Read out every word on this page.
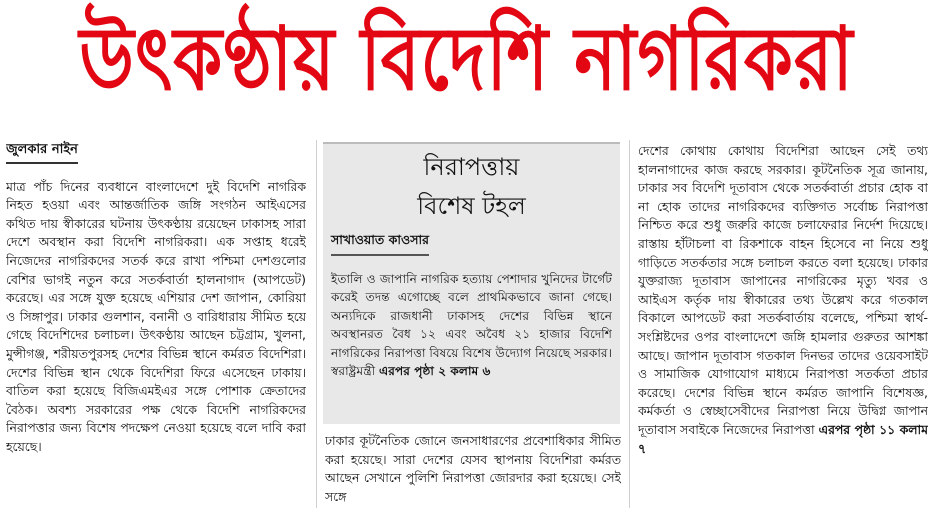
উৎকণ্ঠায় বিদেশি নাগরিকরা
জুলকার নাইন
মাত্র পাঁচ দিনের ব্যবধানে বাংলাদেশে দুই বিদেশি নাগরিক নিহত হওয়া এবং আন্তর্জাতিক জঙ্গি সংগঠন আইএসের কথিত দায় স্বীকারের ঘটনায় উৎকণ্ঠায় রয়েছেন ঢাকাসহ সারা দেশে অবস্থান করা বিদেশি নাগরিকরা। এক সপ্তাহ ধরেই নিজেদের নাগরিকদের সতর্ক করে রাখা পশ্চিমা দেশগুলোর বেশির ভাগই নতুন করে সতর্কবার্তা হালনাগাদ (আপডেট) করেছে। এর সঙ্গে যুক্ত হয়েছে এশিয়ার দেশ জাপান, কোরিয়া ও সিঙ্গাপুর। ঢাকার গুলশান, বনানী ও বারিধারায় সীমিত হয়ে গেছে বিদেশিদের চলাচল। উৎকণ্ঠায় আছেন চট্টগ্রাম, খুলনা, মুন্সীগঞ্জ, শরীয়তপুরসহ দেশের বিভিন্ন স্থানে কর্মরত বিদেশিরা। দেশের বিভিন্ন স্থান থেকে বিদেশিরা ফিরে এসেছেন ঢাকায়। বাতিল করা হয়েছে বিজিএমইএর সঙ্গে পোশাক ক্রেতাদের বৈঠক। অবশ্য সরকারের পক্ষ থেকে বিদেশি নাগরিকদের নিরাপত্তার জন্য বিশেষ পদক্ষেপ নেওয়া হয়েছে বলে দাবি করা হয়েছে।
নিরাপত্তায়
বিশেষ টহল
সাখাওয়াত কাওসার
ইতালি ও জাপানি নাগরিক হত্যায় পেশাদার খুনিদের টার্গেট করেই তদন্ত এগোচ্ছে বলে প্রাথমিকভাবে জানা গেছে। অন্যদিকে রাজধানী ঢাকাসহ দেশের বিভিন্ন স্থানে অবস্থানরত বৈধ ১২ এবং অবৈধ ২১ হাজার বিদেশি নাগরিকের নিরাপত্তা বিষয়ে বিশেষ উদ্যোগ নিয়েছে সরকার। স্বরাষ্ট্রমন্ত্রী এরপর পৃষ্ঠা ২ কলাম ৬
ঢাকার কূটনৈতিক জোনে জনসাধারণের প্রবেশাধিকার সীমিত করা হয়েছে। সারা দেশের যেসব স্থাপনায় বিদেশিরা কর্মরত আছেন সেখানে পুলিশি নিরাপত্তা জোরদার করা হয়েছে। সেই সঙ্গে
দেশের কোথায় কোথায় বিদেশিরা আছেন সেই তথ্য হালনাগাদের কাজ করছে সরকার। কূটনৈতিক সূত্র জানায়, ঢাকার সব বিদেশি দূতাবাস থেকে সতর্কবার্তা প্রচার হোক বা না হোক তাদের নাগরিকদের ব্যক্তিগত সর্বোচ্চ নিরাপত্তা নিশ্চিত করে শুধু জরুরি কাজে চলাফেরার নির্দেশ দিয়েছে। রাস্তায় হাঁটাচলা বা রিকশাকে বাহন হিসেবে না নিয়ে শুধু গাড়িতে সতর্কতার সঙ্গে চলাচল করতে বলা হয়েছে। ঢাকার যুক্তরাজ্য দূতাবাস জাপানের নাগরিকের মৃত্যু খবর ও আইএস কর্তৃক দায় স্বীকারের তথ্য উল্লেখ করে গতকাল বিকালে আপডেট করা সতর্কবার্তায় বলেছে, পশ্চিমা স্বার্থ-সংশ্লিষ্টদের ওপর বাংলাদেশে জঙ্গি হামলার গুরুতর আশঙ্কা আছে। জাপান দূতাবাস গতকাল দিনভর তাদের ওয়েবসাইট ও সামাজিক যোগাযোগ মাধ্যমে নিরাপত্তা সতর্কতা প্রচার করেছে। দেশের বিভিন্ন স্থানে কর্মরত জাপানি বিশেষজ্ঞ, কর্মকর্তা ও স্বেচ্ছাসেবীদের নিরাপত্তা নিয়ে উদ্বিগ্ন জাপান দূতাবাস সবাইকে নিজেদের নিরাপত্তা এরপর পৃষ্ঠা ১১ কলাম ৭
